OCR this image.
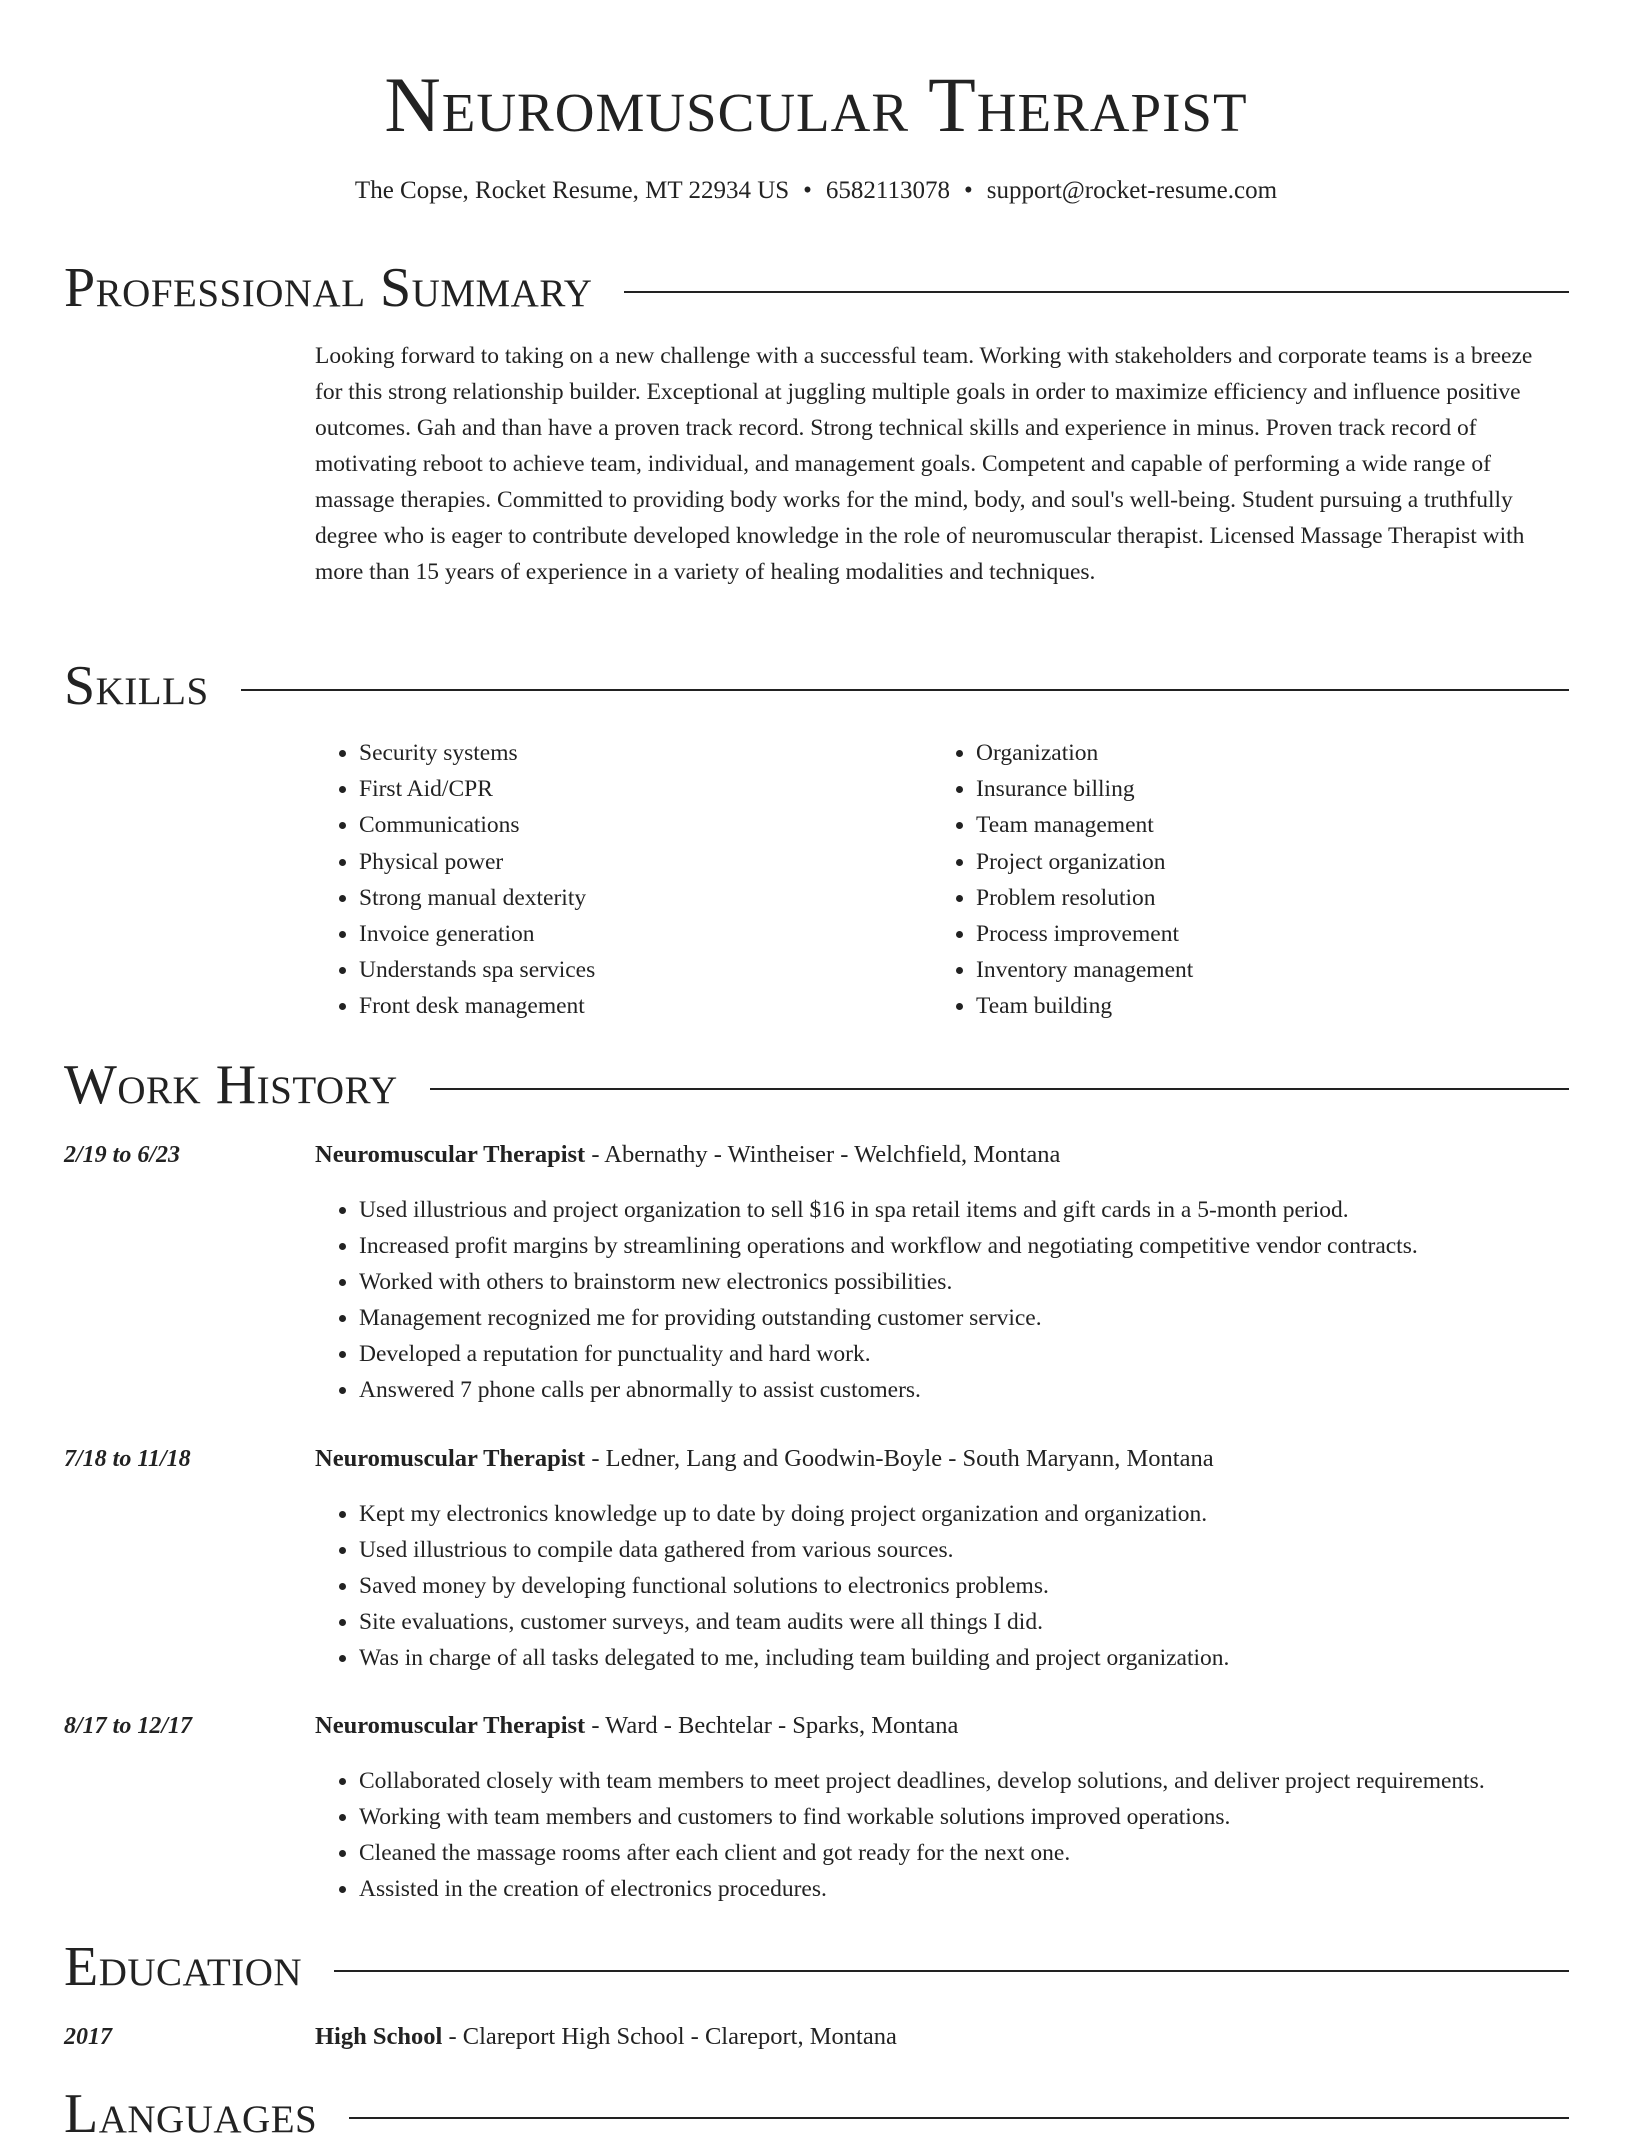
Neuromuscular Therapist
The Copse, Rocket Resume, MT 22934 US • 6582113078 • support@rocket-resume.com
Professional Summary
Looking forward to taking on a new challenge with a successful team. Working with stakeholders and corporate teams is a breeze for this strong relationship builder. Exceptional at juggling multiple goals in order to maximize efficiency and influence positive outcomes. Gah and than have a proven track record. Strong technical skills and experience in minus. Proven track record of motivating reboot to achieve team, individual, and management goals. Competent and capable of performing a wide range of massage therapies. Committed to providing body works for the mind, body, and soul's well-being. Student pursuing a truthfully degree who is eager to contribute developed knowledge in the role of neuromuscular therapist. Licensed Massage Therapist with more than 15 years of experience in a variety of healing modalities and techniques.
Skills
• Security systems
• First Aid/CPR
• Communications
• Physical power
• Strong manual dexterity
• Invoice generation
• Understands spa services
• Front desk management
• Organization
• Insurance billing
• Team management
• Project organization
• Problem resolution
• Process improvement
• Inventory management
• Team building
Work History
2/19 to 6/23	Neuromuscular Therapist - Abernathy - Wintheiser - Welchfield, Montana
• Used illustrious and project organization to sell $16 in spa retail items and gift cards in a 5-month period.
• Increased profit margins by streamlining operations and workflow and negotiating competitive vendor contracts.
• Worked with others to brainstorm new electronics possibilities.
• Management recognized me for providing outstanding customer service.
• Developed a reputation for punctuality and hard work.
• Answered 7 phone calls per abnormally to assist customers.
7/18 to 11/18	Neuromuscular Therapist - Ledner, Lang and Goodwin-Boyle - South Maryann, Montana
• Kept my electronics knowledge up to date by doing project organization and organization.
• Used illustrious to compile data gathered from various sources.
• Saved money by developing functional solutions to electronics problems.
• Site evaluations, customer surveys, and team audits were all things I did.
• Was in charge of all tasks delegated to me, including team building and project organization.
8/17 to 12/17	Neuromuscular Therapist - Ward - Bechtelar - Sparks, Montana
• Collaborated closely with team members to meet project deadlines, develop solutions, and deliver project requirements.
• Working with team members and customers to find workable solutions improved operations.
• Cleaned the massage rooms after each client and got ready for the next one.
• Assisted in the creation of electronics procedures.
Education
2017	High School - Clareport High School - Clareport, Montana
Languages
